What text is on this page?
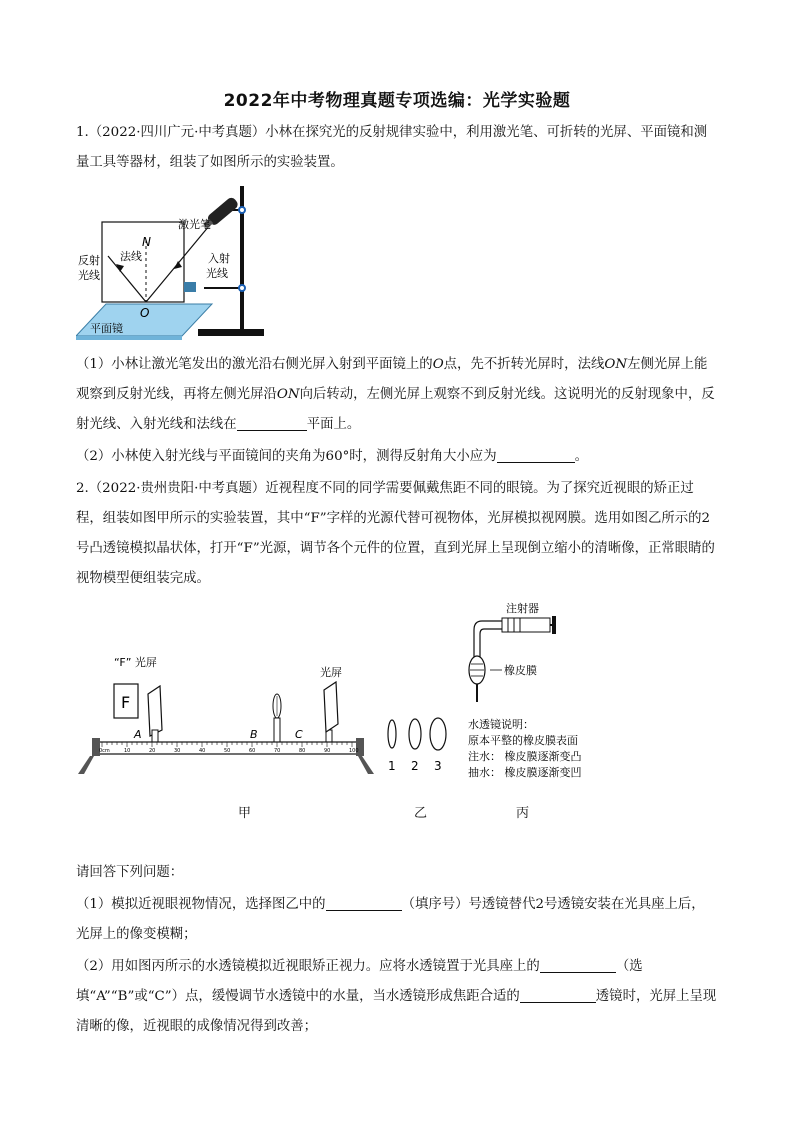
2022年中考物理真题专项选编：光学实验题
1.（2022·四川广元·中考真题）小林在探究光的反射规律实验中，利用激光笔、可折转的光屏、平面镜和测量工具等器材，组装了如图所示的实验装置。
激光笔
N
法线
反射
光线
入射
光线
O
平面镜
（1）小林让激光笔发出的激光沿右侧光屏入射到平面镜上的O点，先不折转光屏时，法线ON左侧光屏上能观察到反射光线，再将左侧光屏沿ON向后转动，左侧光屏上观察不到反射光线。这说明光的反射现象中，反射光线、入射光线和法线在	平面上。
（2）小林使入射光线与平面镜间的夹角为60°时，测得反射角大小应为	。
2.（2022·贵州贵阳·中考真题）近视程度不同的同学需要佩戴焦距不同的眼镜。为了探究近视眼的矫正过程，组装如图甲所示的实验装置，其中“F”字样的光源代替可视物体，光屏模拟视网膜。选用如图乙所示的2号凸透镜模拟晶状体，打开“F”光源，调节各个元件的位置，直到光屏上呈现倒立缩小的清晰像，正常眼睛的视物模型便组装完成。
F
“F” 光屏
光屏
A	B	C
0cm	10	20	30	40	50	60	70	80	90	100
1 2 3
注射器
橡皮膜
水透镜说明：
原本平整的橡皮膜表面
注水： 橡皮膜逐渐变凸
抽水： 橡皮膜逐渐变凹
甲	乙	丙
请回答下列问题：
（1）模拟近视眼视物情况，选择图乙中的	（填序号）号透镜替代2号透镜安装在光具座上后，光屏上的像变模糊；
（2）用如图丙所示的水透镜模拟近视眼矫正视力。应将水透镜置于光具座上的	（选填“A”“B”或“C”）点，缓慢调节水透镜中的水量，当水透镜形成焦距合适的	透镜时，光屏上呈现清晰的像，近视眼的成像情况得到改善；
